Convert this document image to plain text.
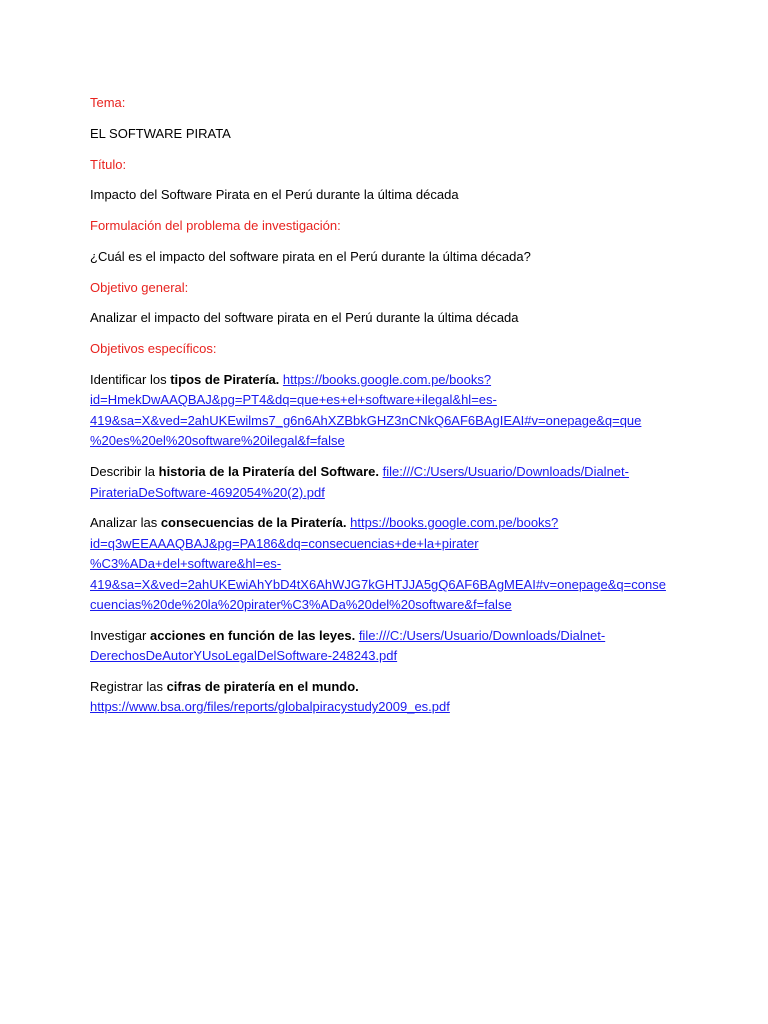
Tema:
EL SOFTWARE PIRATA
Título:
Impacto del Software Pirata en el Perú durante la última década
Formulación del problema de investigación:
¿Cuál es el impacto del software pirata en el Perú durante la última década?
Objetivo general:
Analizar el impacto del software pirata en el Perú durante la última década
Objetivos específicos:
Identificar los tipos de Piratería. https://books.google.com.pe/books?
id=HmekDwAAQBAJ&pg=PT4&dq=que+es+el+software+ilegal&hl=es-
419&sa=X&ved=2ahUKEwilms7_g6n6AhXZBbkGHZ3nCNkQ6AF6BAgIEAI#v=onepage&q=que
%20es%20el%20software%20ilegal&f=false
Describir la historia de la Piratería del Software. file:///C:/Users/Usuario/Downloads/Dialnet-
PirateriaDeSoftware-4692054%20(2).pdf
Analizar las consecuencias de la Piratería. https://books.google.com.pe/books?
id=q3wEEAAAQBAJ&pg=PA186&dq=consecuencias+de+la+pirater
%C3%ADa+del+software&hl=es-
419&sa=X&ved=2ahUKEwiAhYbD4tX6AhWJG7kGHTJJA5gQ6AF6BAgMEAI#v=onepage&q=conse
cuencias%20de%20la%20pirater%C3%ADa%20del%20software&f=false
Investigar acciones en función de las leyes. file:///C:/Users/Usuario/Downloads/Dialnet-
DerechosDeAutorYUsoLegalDelSoftware-248243.pdf
Registrar las cifras de piratería en el mundo.
https://www.bsa.org/files/reports/globalpiracystudy2009_es.pdf
